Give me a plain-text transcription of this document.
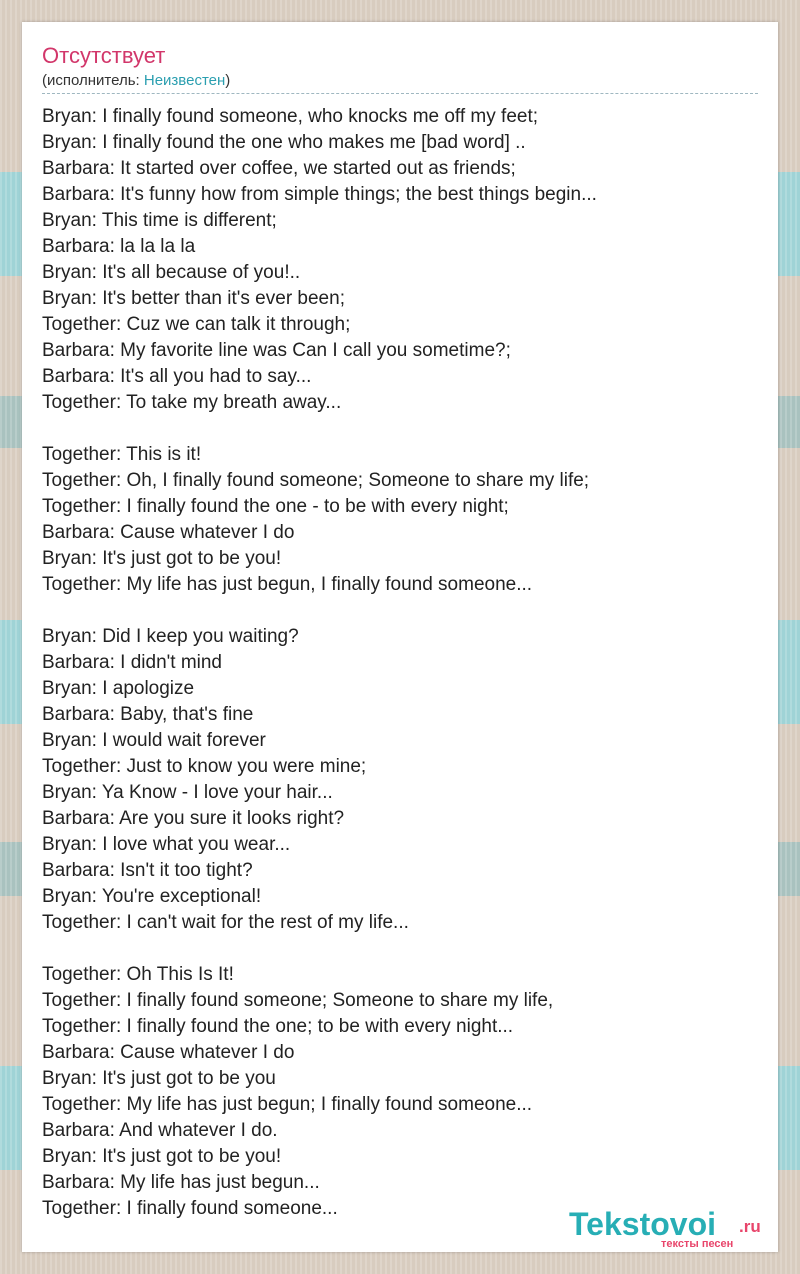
Отсутствует
(исполнитель: Неизвестен)
Bryan: I finally found someone, who knocks me off my feet;
Bryan: I finally found the one who makes me [bad word] ..
Barbara: It started over coffee, we started out as friends;
Barbara: It's funny how from simple things; the best things begin...
Bryan: This time is different;
Barbara: la la la la
Bryan: It's all because of you!..
Bryan: It's better than it's ever been;
Together: Cuz we can talk it through;
Barbara: My favorite line was Can I call you sometime?;
Barbara: It's all you had to say...
Together: To take my breath away...
Together: This is it!
Together: Oh, I finally found someone; Someone to share my life;
Together: I finally found the one - to be with every night;
Barbara: Cause whatever I do
Bryan: It's just got to be you!
Together: My life has just begun, I finally found someone...
Bryan: Did I keep you waiting?
Barbara: I didn't mind
Bryan: I apologize
Barbara: Baby, that's fine
Bryan: I would wait forever
Together: Just to know you were mine;
Bryan: Ya Know - I love your hair...
Barbara: Are you sure it looks right?
Bryan: I love what you wear...
Barbara: Isn't it too tight?
Bryan: You're exceptional!
Together: I can't wait for the rest of my life...
Together: Oh This Is It!
Together: I finally found someone; Someone to share my life,
Together: I finally found the one; to be with every night...
Barbara: Cause whatever I do
Bryan: It's just got to be you
Together: My life has just begun; I finally found someone...
Barbara: And whatever I do.
Bryan: It's just got to be you!
Barbara: My life has just begun...
Together: I finally found someone...	Tekstovoi .ru
тексты песен
